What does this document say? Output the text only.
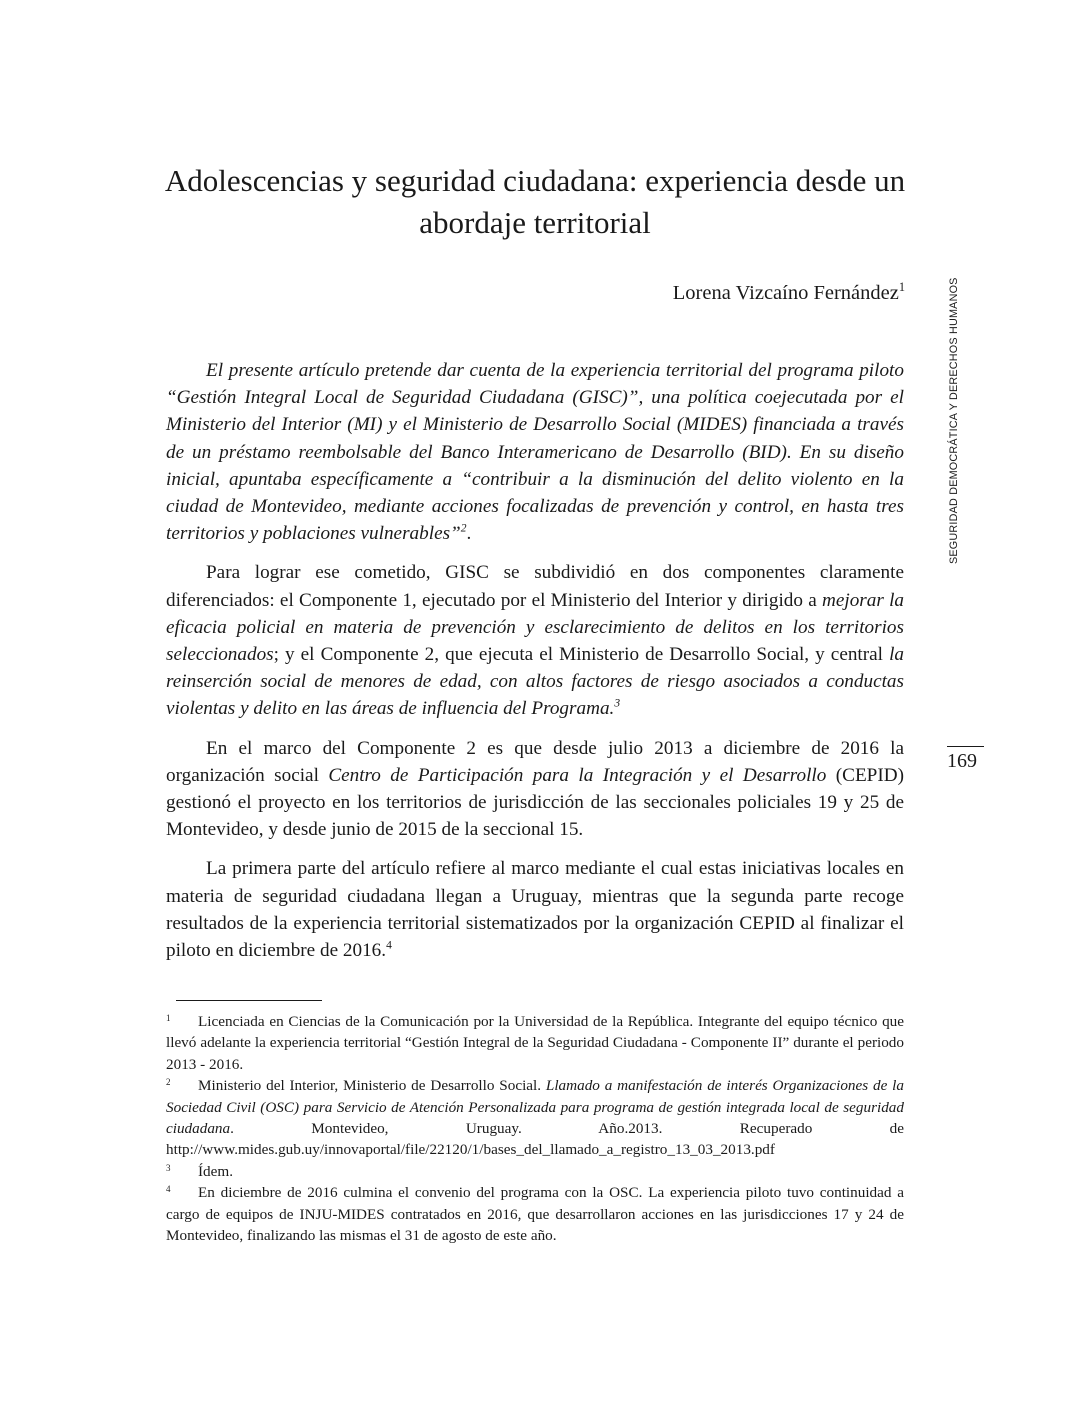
Adolescencias y seguridad ciudadana: experiencia desde un abordaje territorial
Lorena Vizcaíno Fernández$^1$	SEGURIDAD DEMOCRÁTICA Y DERECHOS HUMANOS
169

El presente artículo pretende dar cuenta de la experiencia territorial del programa piloto “Gestión Integral Local de Seguridad Ciudadana (GISC)”, una política coejecutada por el Ministerio del Interior (MI) y el Ministerio de Desarrollo Social (MIDES) financiada a través de un préstamo reembolsable del Banco Interamericano de Desarrollo (BID). En su diseño inicial, apuntaba específicamente a “contribuir a la disminución del delito violento en la ciudad de Montevideo, mediante acciones focalizadas de prevención y control, en hasta tres territorios y poblaciones vulnerables”$^2$.

Para lograr ese cometido, GISC se subdividió en dos componentes claramente diferenciados: el Componente 1, ejecutado por el Ministerio del Interior y dirigido a mejorar la eficacia policial en materia de prevención y esclarecimiento de delitos en los territorios seleccionados; y el Componente 2, que ejecuta el Ministerio de Desarrollo Social, y central la reinserción social de menores de edad, con altos factores de riesgo asociados a conductas violentas y delito en las áreas de influencia del Programa.$^3$

En el marco del Componente 2 es que desde julio 2013 a diciembre de 2016 la organización social Centro de Participación para la Integración y el Desarrollo (CEPID) gestionó el proyecto en los territorios de jurisdicción de las seccionales policiales 19 y 25 de Montevideo, y desde junio de 2015 de la seccional 15.

La primera parte del artículo refiere al marco mediante el cual estas iniciativas locales en materia de seguridad ciudadana llegan a Uruguay, mientras que la segunda parte recoge resultados de la experiencia territorial sistematizados por la organización CEPID al finalizar el piloto en diciembre de 2016.$^4$

1 Licenciada en Ciencias de la Comunicación por la Universidad de la República. Integrante del equipo técnico que llevó adelante la experiencia territorial “Gestión Integral de la Seguridad Ciudadana - Componente II” durante el periodo 2013 - 2016.

2 Ministerio del Interior, Ministerio de Desarrollo Social. Llamado a manifestación de interés Organizaciones de la Sociedad Civil (OSC) para Servicio de Atención Personalizada para programa de gestión integrada local de seguridad ciudadana. Montevideo, Uruguay. Año.2013. Recuperado de http://www.mides.gub.uy/innovaportal/file/22120/1/bases_del_llamado_a_registro_13_03_2013.pdf

3 Ídem.

4 En diciembre de 2016 culmina el convenio del programa con la OSC. La experiencia piloto tuvo continuidad a cargo de equipos de INJU-MIDES contratados en 2016, que desarrollaron acciones en las jurisdicciones 17 y 24 de Montevideo, finalizando las mismas el 31 de agosto de este año.
